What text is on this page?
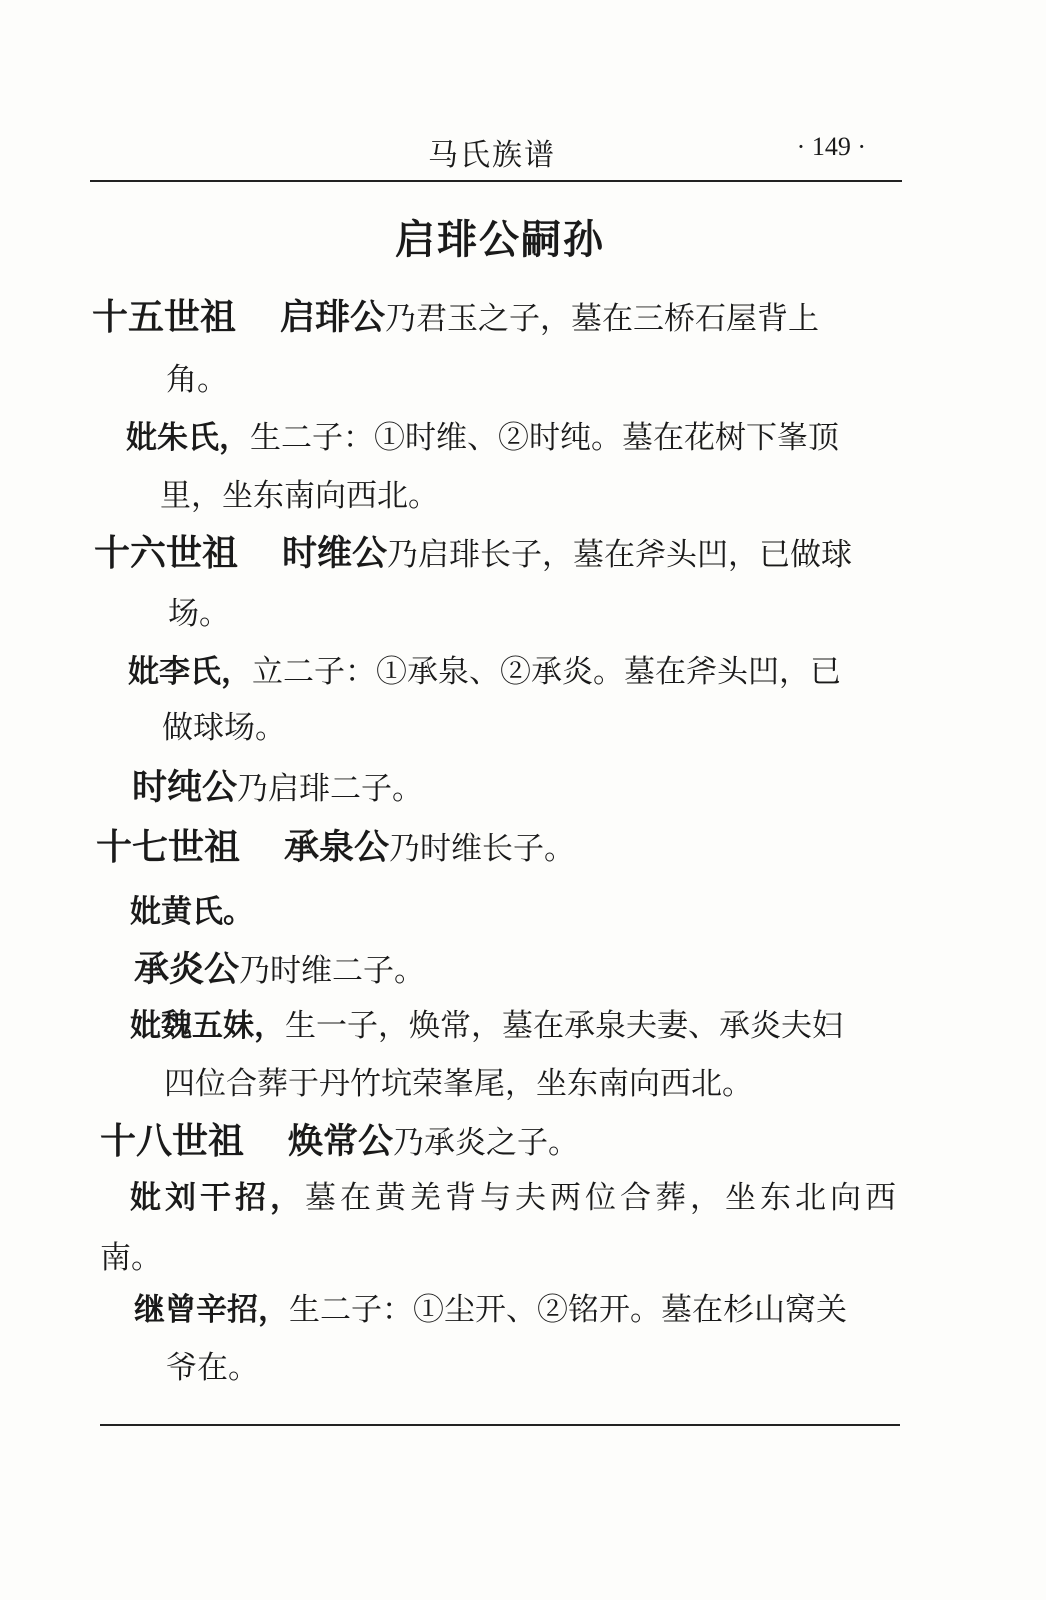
马氏族谱	· 149 ·
启琲公嗣孙
十五世祖 启琲公乃君玉之子，墓在三桥石屋背上
角。
妣朱氏，生二子：①时维、②时纯。墓在花树下峯顶
里，坐东南向西北。
十六世祖 时维公乃启琲长子，墓在斧头凹，已做球
场。
妣李氏，立二子：①承泉、②承炎。墓在斧头凹，已
做球场。
时纯公乃启琲二子。
十七世祖 承泉公乃时维长子。
妣黄氏。
承炎公乃时维二子。
妣魏五妹，生一子，焕常，墓在承泉夫妻、承炎夫妇
四位合葬于丹竹坑荣峯尾，坐东南向西北。
十八世祖 焕常公乃承炎之子。
妣刘干招，墓在黄羌背与夫两位合葬，坐东北向西
南。
继曾辛招，生二子：①尘开、②铭开。墓在杉山窝关
爷在。
